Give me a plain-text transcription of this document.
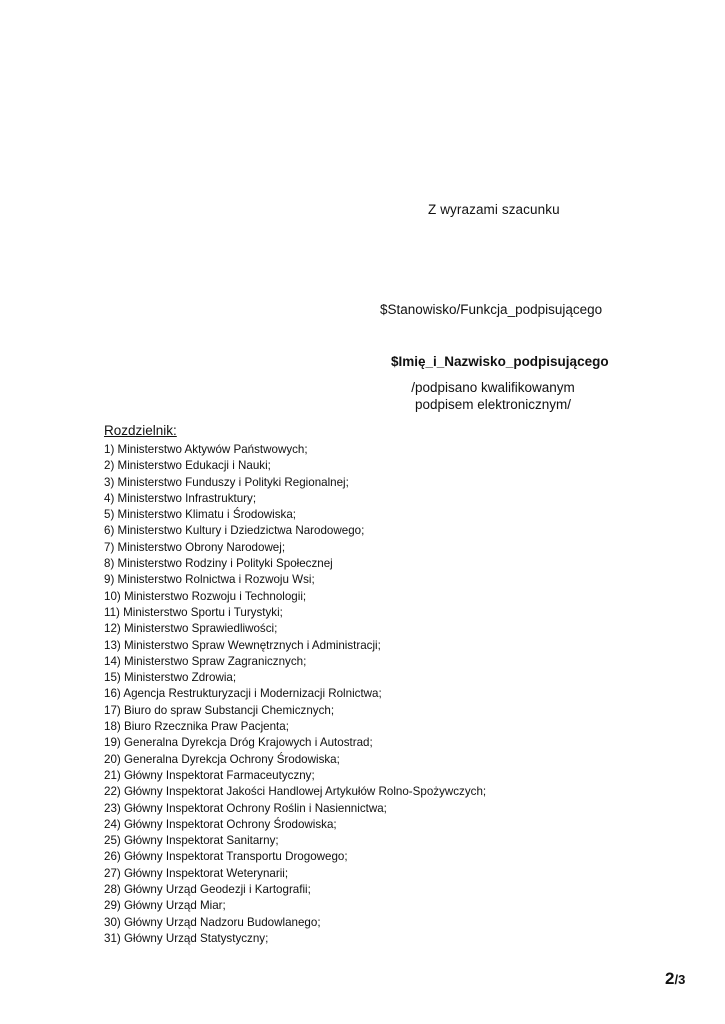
Z wyrazami szacunku
$Stanowisko/Funkcja_podpisującego
$Imię_i_Nazwisko_podpisującego
/podpisano kwalifikowanym
podpisem elektronicznym/
Rozdzielnik:
1) Ministerstwo Aktywów Państwowych;
2) Ministerstwo Edukacji i Nauki;
3) Ministerstwo Funduszy i Polityki Regionalnej;
4) Ministerstwo Infrastruktury;
5) Ministerstwo Klimatu i Środowiska;
6) Ministerstwo Kultury i Dziedzictwa Narodowego;
7) Ministerstwo Obrony Narodowej;
8) Ministerstwo Rodziny i Polityki Społecznej
9) Ministerstwo Rolnictwa i Rozwoju Wsi;
10) Ministerstwo Rozwoju i Technologii;
11) Ministerstwo Sportu i Turystyki;
12) Ministerstwo Sprawiedliwości;
13) Ministerstwo Spraw Wewnętrznych i Administracji;
14) Ministerstwo Spraw Zagranicznych;
15) Ministerstwo Zdrowia;
16) Agencja Restrukturyzacji i Modernizacji Rolnictwa;
17) Biuro do spraw Substancji Chemicznych;
18) Biuro Rzecznika Praw Pacjenta;
19) Generalna Dyrekcja Dróg Krajowych i Autostrad;
20) Generalna Dyrekcja Ochrony Środowiska;
21) Główny Inspektorat Farmaceutyczny;
22) Główny Inspektorat Jakości Handlowej Artykułów Rolno-Spożywczych;
23) Główny Inspektorat Ochrony Roślin i Nasiennictwa;
24) Główny Inspektorat Ochrony Środowiska;
25) Główny Inspektorat Sanitarny;
26) Główny Inspektorat Transportu Drogowego;
27) Główny Inspektorat Weterynarii;
28) Główny Urząd Geodezji i Kartografii;
29) Główny Urząd Miar;
30) Główny Urząd Nadzoru Budowlanego;
31) Główny Urząd Statystyczny;
2/3
